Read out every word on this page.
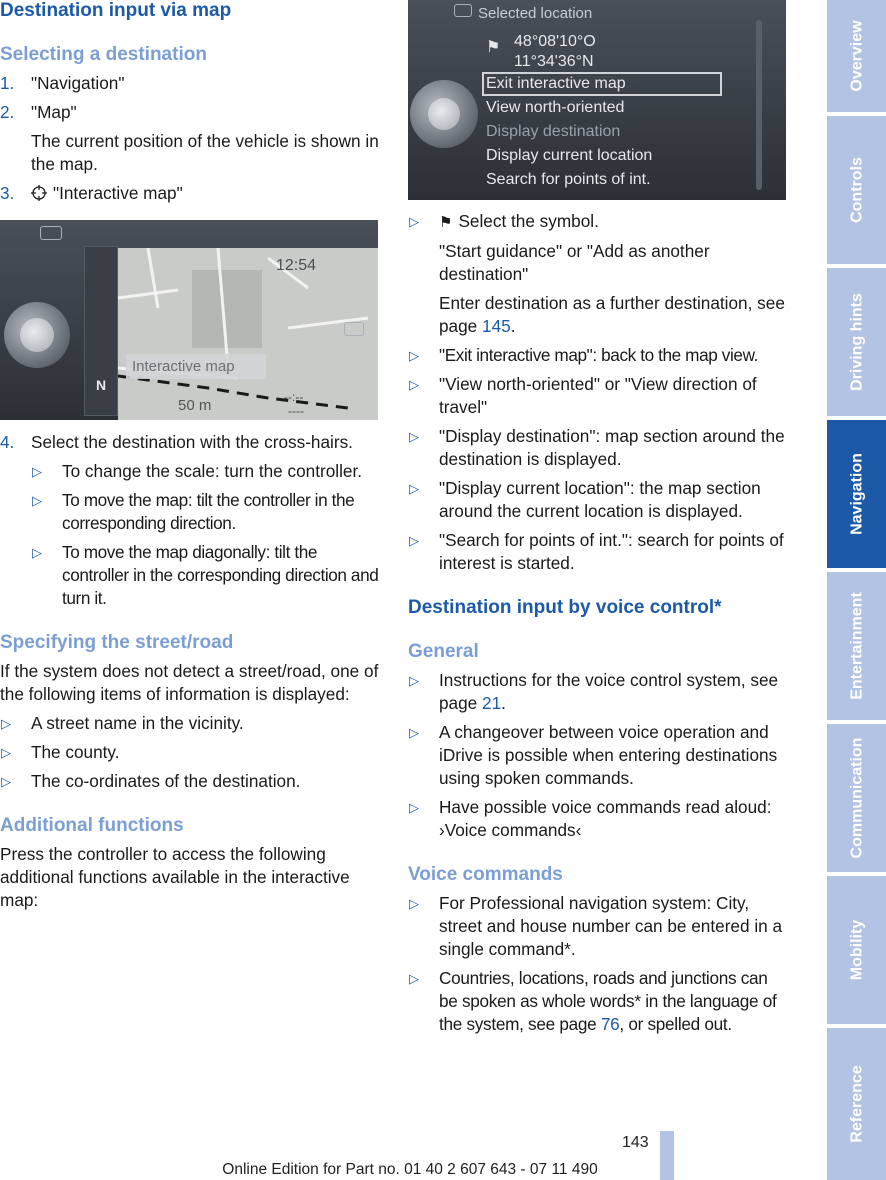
Destination input via map
Selecting a destination
1. "Navigation"
2. "Map"
The current position of the vehicle is shown in the map.
3. "Interactive map"
12:54
Interactive map
50 m
N
--:--
----
4. Select the destination with the cross-hairs.
▷ To change the scale: turn the controller.
▷ To move the map: tilt the controller in the corresponding direction.
▷ To move the map diagonally: tilt the controller in the corresponding direction and turn it.
Specifying the street/road

If the system does not detect a street/road, one of the following items of information is displayed:

▷ A street name in the vicinity.
▷ The county.
▷ The co-ordinates of the destination.
Additional functions

Press the controller to access the following additional functions available in the interactive map:

Selected location
⚑ 48°08'10°O
11°34'36°N
Exit interactive map
View north-oriented
Display destination
Display current location
Search for points of int.
▷ ⚑ Select the symbol.
"Start guidance" or "Add as another destination"
Enter destination as a further destination, see page 145.
▷ "Exit interactive map": back to the map view.
▷ "View north-oriented" or "View direction of travel"
▷ "Display destination": map section around the destination is displayed.
▷ "Display current location": the map section around the current location is displayed.
▷ "Search for points of int.": search for points of interest is started.
Destination input by voice control*
General
▷ Instructions for the voice control system, see page 21.
▷ A changeover between voice operation and iDrive is possible when entering destinations using spoken commands.
▷ Have possible voice commands read aloud: ›Voice commands‹
Voice commands
▷ For Professional navigation system: City, street and house number can be entered in a single command*.
▷ Countries, locations, roads and junctions can be spoken as whole words* in the language of the system, see page 76, or spelled out.
Overview
Controls
Driving hints
Navigation
Entertainment
Communication
Mobility
Reference
143
Online Edition for Part no. 01 40 2 607 643 - 07 11 490
